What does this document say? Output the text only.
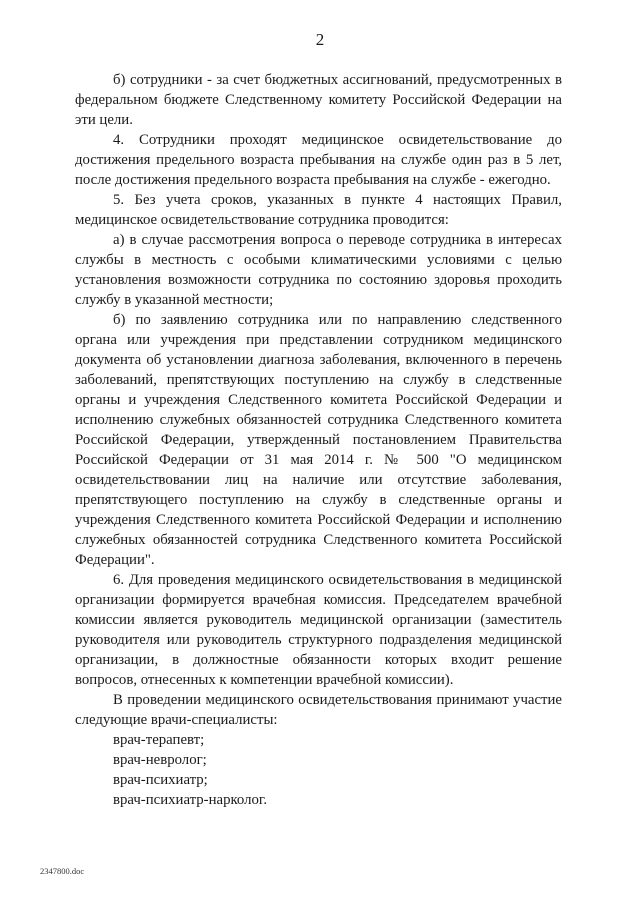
2

б) сотрудники - за счет бюджетных ассигнований, предусмотренных в федеральном бюджете Следственному комитету Российской Федерации на эти цели.

4. Сотрудники проходят медицинское освидетельствование до достижения предельного возраста пребывания на службе один раз в 5 лет, после достижения предельного возраста пребывания на службе - ежегодно.

5. Без учета сроков, указанных в пункте 4 настоящих Правил, медицинское освидетельствование сотрудника проводится:

а) в случае рассмотрения вопроса о переводе сотрудника в интересах службы в местность с особыми климатическими условиями с целью установления возможности сотрудника по состоянию здоровья проходить службу в указанной местности;

б) по заявлению сотрудника или по направлению следственного органа или учреждения при представлении сотрудником медицинского документа об установлении диагноза заболевания, включенного в перечень заболеваний, препятствующих поступлению на службу в следственные органы и учреждения Следственного комитета Российской Федерации и исполнению служебных обязанностей сотрудника Следственного комитета Российской Федерации, утвержденный постановлением Правительства Российской Федерации от 31 мая 2014 г. № 500 "О медицинском освидетельствовании лиц на наличие или отсутствие заболевания, препятствующего поступлению на службу в следственные органы и учреждения Следственного комитета Российской Федерации и исполнению служебных обязанностей сотрудника Следственного комитета Российской Федерации".

6. Для проведения медицинского освидетельствования в медицинской организации формируется врачебная комиссия. Председателем врачебной комиссии является руководитель медицинской организации (заместитель руководителя или руководитель структурного подразделения медицинской организации, в должностные обязанности которых входит решение вопросов, отнесенных к компетенции врачебной комиссии).

В проведении медицинского освидетельствования принимают участие следующие врачи-специалисты:

врач-терапевт;

врач-невролог;

врач-психиатр;

врач-психиатр-нарколог.

2347800.doc
